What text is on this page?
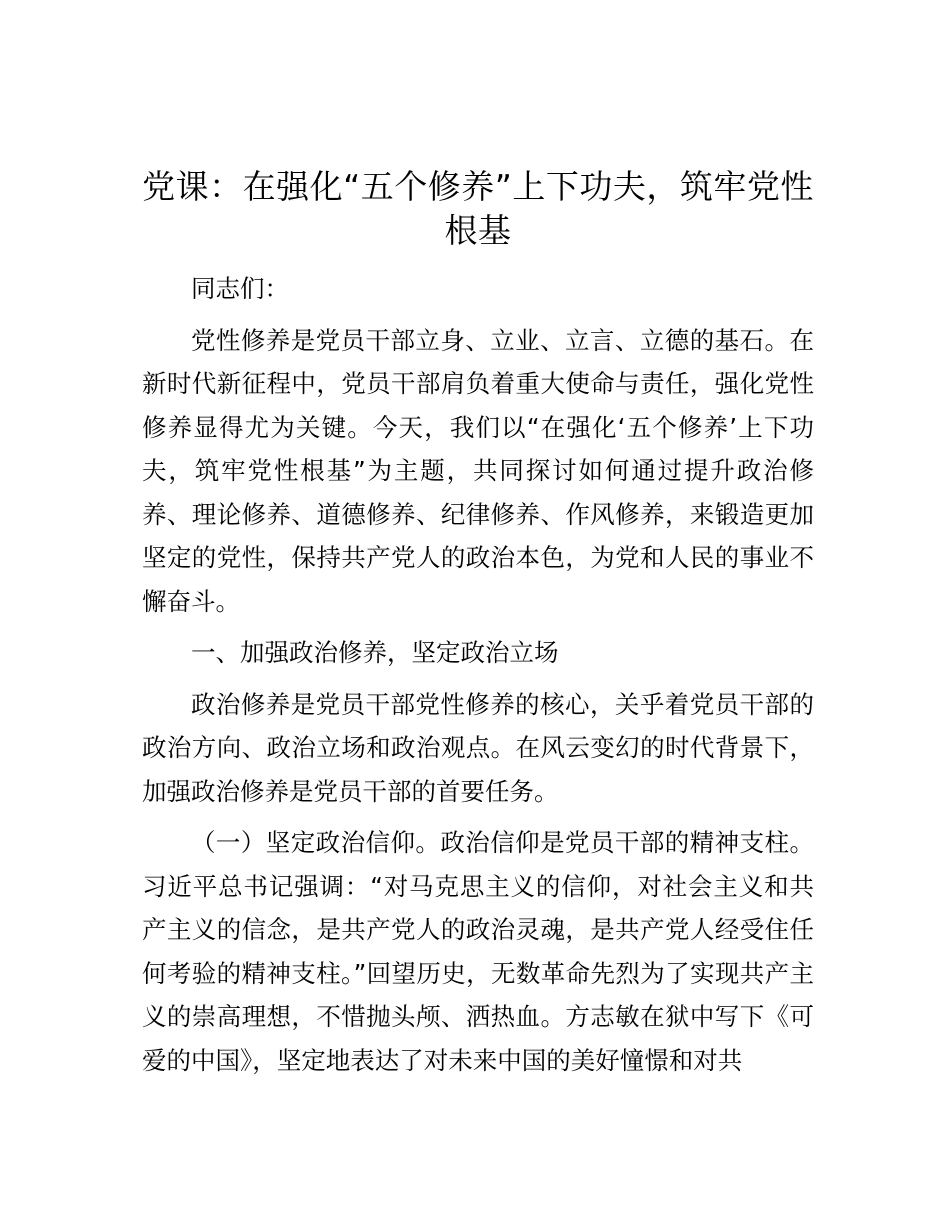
党课：在强化“五个修养”上下功夫，筑牢党性根基

同志们：

党性修养是党员干部立身、立业、立言、立德的基石。在新时代新征程中，党员干部肩负着重大使命与责任，强化党性修养显得尤为关键。今天，我们以“在强化‘五个修养’上下功夫，筑牢党性根基”为主题，共同探讨如何通过提升政治修养、理论修养、道德修养、纪律修养、作风修养，来锻造更加坚定的党性，保持共产党人的政治本色，为党和人民的事业不懈奋斗。

一、加强政治修养，坚定政治立场

政治修养是党员干部党性修养的核心，关乎着党员干部的政治方向、政治立场和政治观点。在风云变幻的时代背景下，加强政治修养是党员干部的首要任务。

（一）坚定政治信仰。政治信仰是党员干部的精神支柱。习近平总书记强调：“对马克思主义的信仰，对社会主义和共产主义的信念，是共产党人的政治灵魂，是共产党人经受住任何考验的精神支柱。”回望历史，无数革命先烈为了实现共产主义的崇高理想，不惜抛头颅、洒热血。方志敏在狱中写下《可爱的中国》，坚定地表达了对未来中国的美好憧憬和对共
